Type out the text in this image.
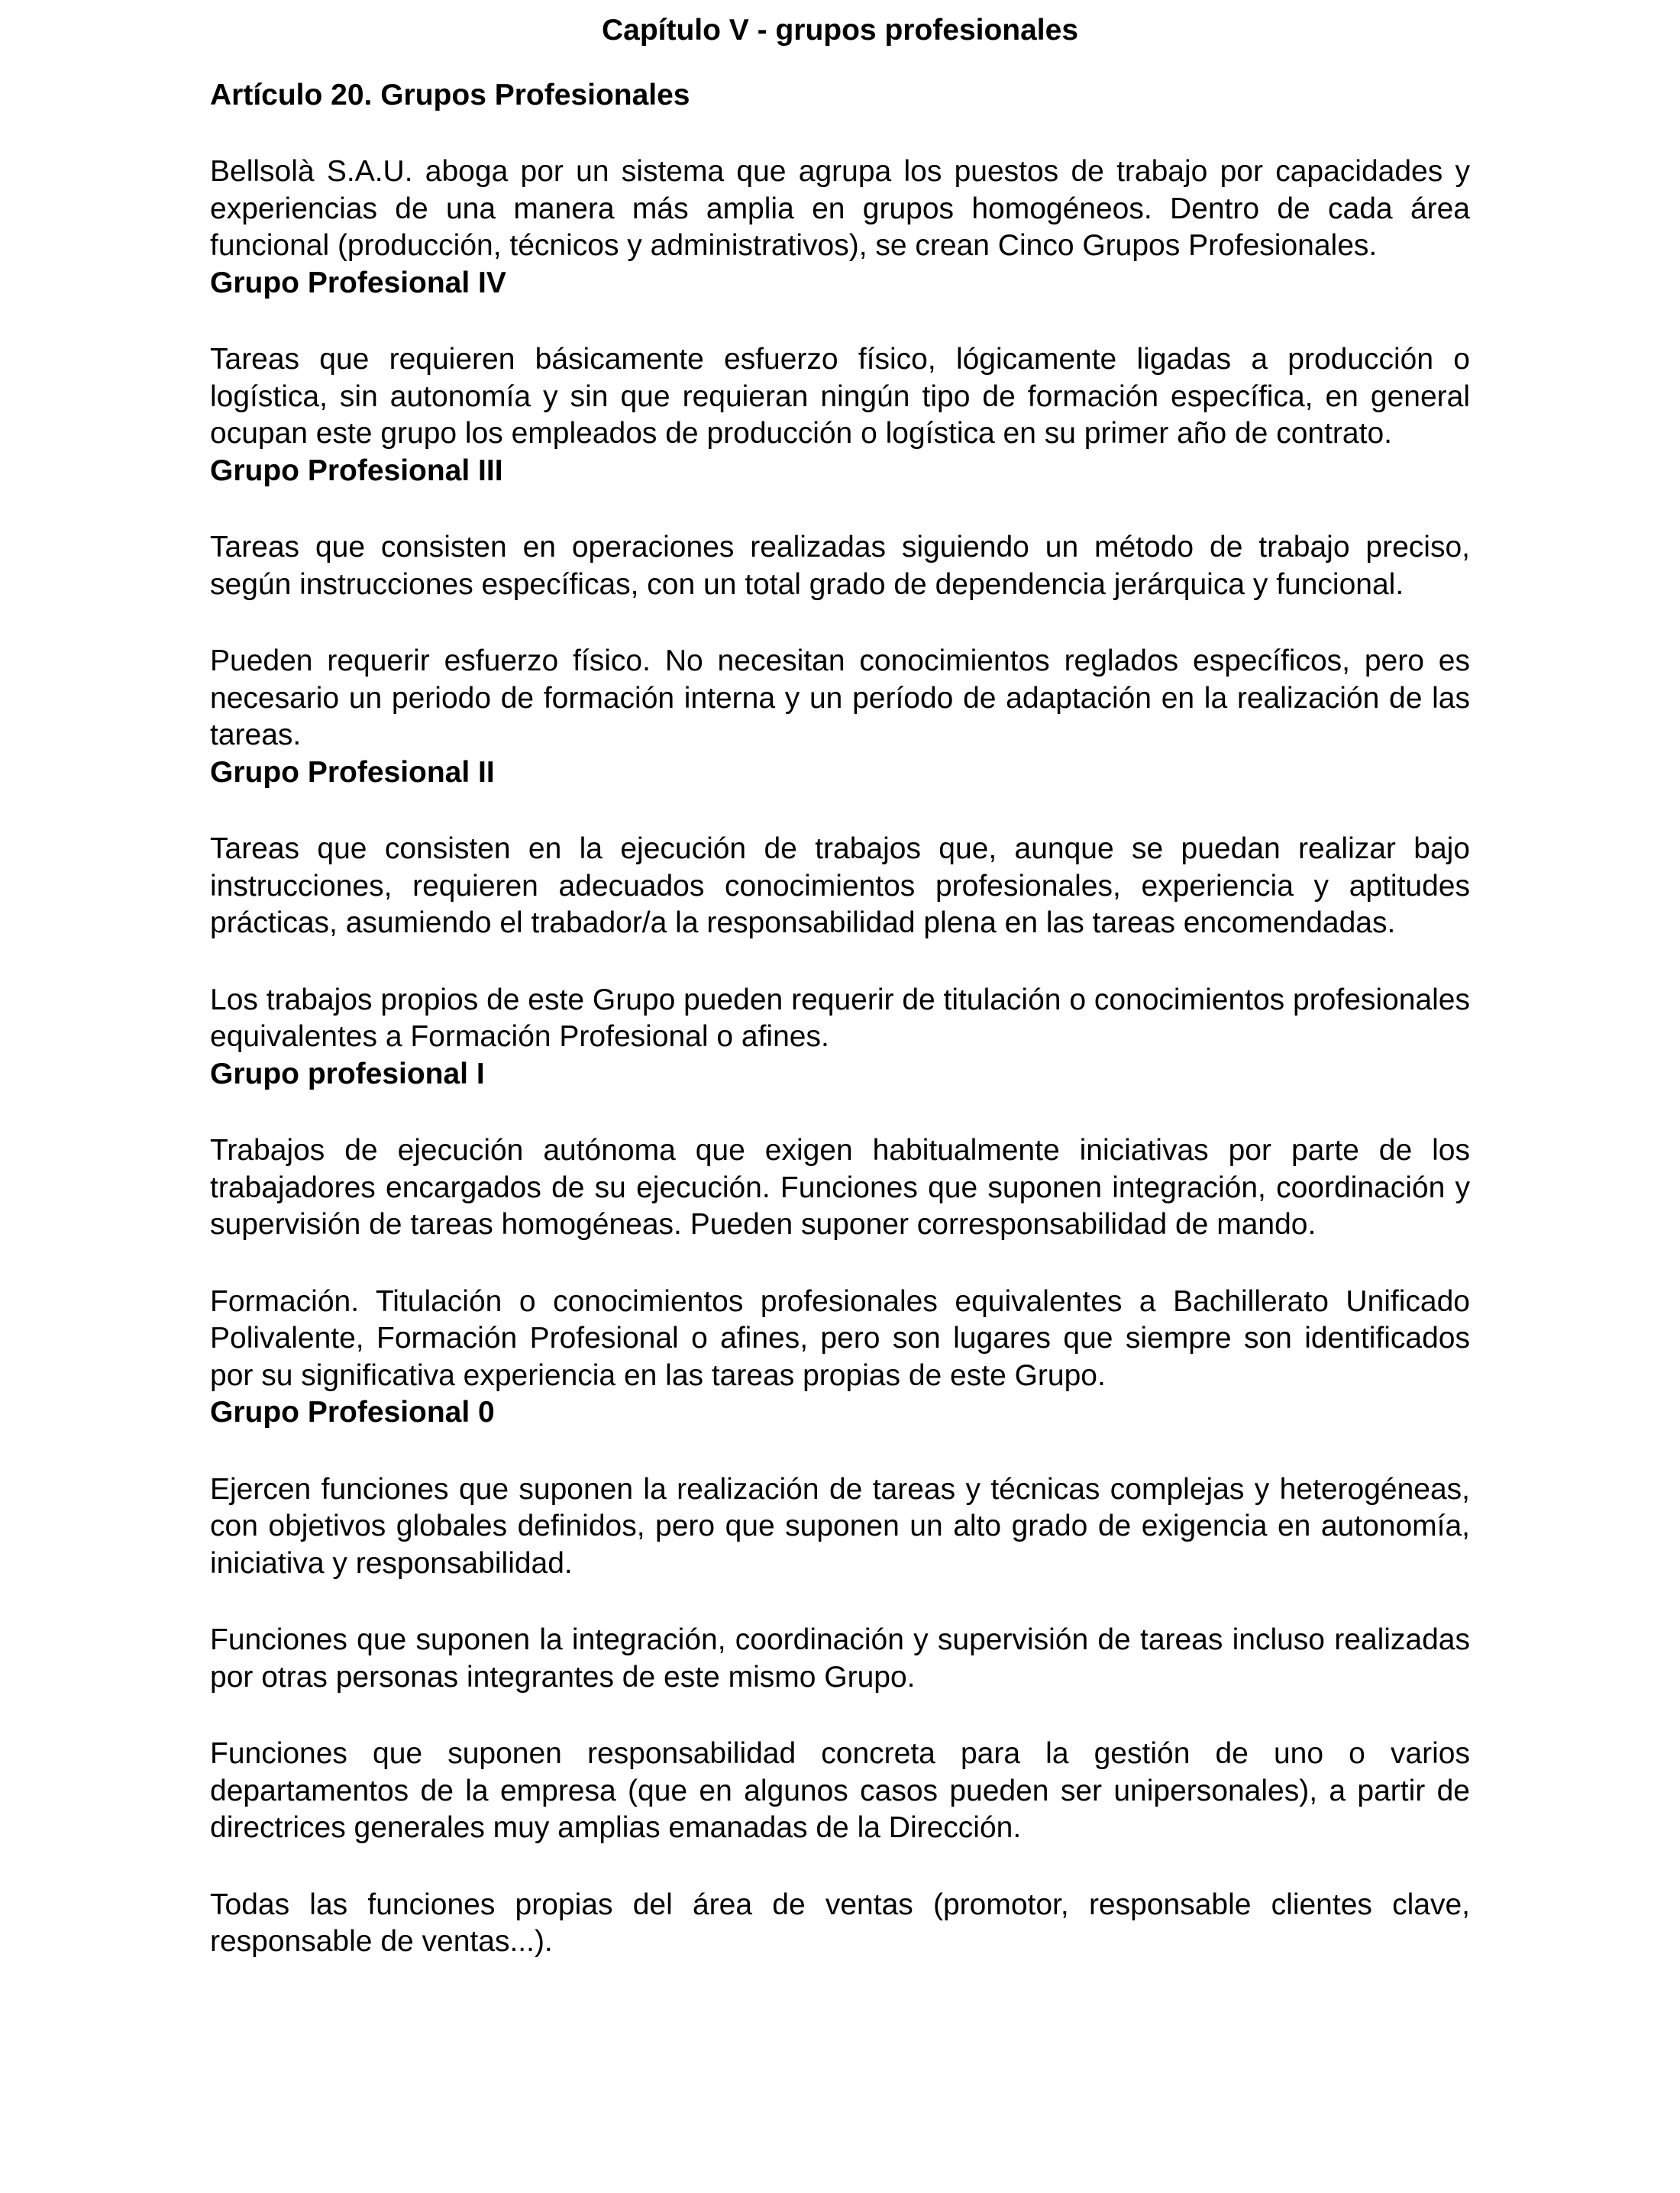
Capítulo V - grupos profesionales
Artículo 20. Grupos Profesionales

Bellsolà S.A.U. aboga por un sistema que agrupa los puestos de trabajo por capacidades y experiencias de una manera más amplia en grupos homogéneos. Dentro de cada área funcional (producción, técnicos y administrativos), se crean Cinco Grupos Profesionales.

Grupo Profesional IV

Tareas que requieren básicamente esfuerzo físico, lógicamente ligadas a producción o logística, sin autonomía y sin que requieran ningún tipo de formación específica, en general ocupan este grupo los empleados de producción o logística en su primer año de contrato.

Grupo Profesional III

Tareas que consisten en operaciones realizadas siguiendo un método de trabajo preciso, según instrucciones específicas, con un total grado de dependencia jerárquica y funcional.

Pueden requerir esfuerzo físico. No necesitan conocimientos reglados específicos, pero es necesario un periodo de formación interna y un período de adaptación en la realización de las tareas.

Grupo Profesional II

Tareas que consisten en la ejecución de trabajos que, aunque se puedan realizar bajo instrucciones, requieren adecuados conocimientos profesionales, experiencia y aptitudes prácticas, asumiendo el trabador/a la responsabilidad plena en las tareas encomendadas.

Los trabajos propios de este Grupo pueden requerir de titulación o conocimientos profesionales equivalentes a Formación Profesional o afines.

Grupo profesional I

Trabajos de ejecución autónoma que exigen habitualmente iniciativas por parte de los trabajadores encargados de su ejecución. Funciones que suponen integración, coordinación y supervisión de tareas homogéneas. Pueden suponer corresponsabilidad de mando.

Formación. Titulación o conocimientos profesionales equivalentes a Bachillerato Unificado Polivalente, Formación Profesional o afines, pero son lugares que siempre son identificados por su significativa experiencia en las tareas propias de este Grupo.

Grupo Profesional 0

Ejercen funciones que suponen la realización de tareas y técnicas complejas y heterogéneas, con objetivos globales definidos, pero que suponen un alto grado de exigencia en autonomía, iniciativa y responsabilidad.

Funciones que suponen la integración, coordinación y supervisión de tareas incluso realizadas por otras personas integrantes de este mismo Grupo.

Funciones que suponen responsabilidad concreta para la gestión de uno o varios departamentos de la empresa (que en algunos casos pueden ser unipersonales), a partir de directrices generales muy amplias emanadas de la Dirección.

Todas las funciones propias del área de ventas (promotor, responsable clientes clave, responsable de ventas...).
